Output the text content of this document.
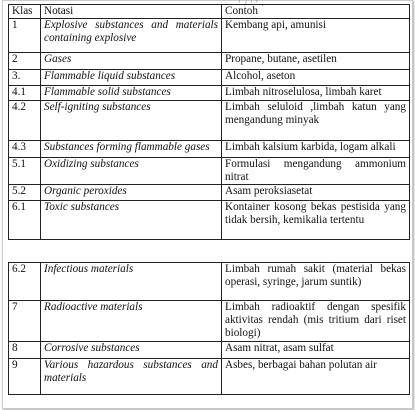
' / ' ' .
Klas	Notasi	Contoh
1	Explosive substances and materials containing explosive	Kembang api, amunisi
2	Gases	Propane, butane, asetilen
3.	Flammable liquid substances	Alcohol, aseton
4.1	Flammable solid substances	Limbah nitroselulosa, limbah karet
4.2	Self-igniting substances	Limbah seluloid ,limbah katun yang mengandung minyak
4.3	Substances forming flammable gases	Limbah kalsium karbida, logam alkali
5.1	Oxidizing substances	Formulasi mengandung ammonium nitrat
5.2	Organic peroxides	Asam peroksiasetat
6.1	Toxic substances	Kontainer kosong bekas pestisida yang tidak bersih, kemikalia tertentu
6.2	Infectious materials	Limbah rumah sakit (material bekas operasi, syringe, jarum suntik)
7	Radioactive materials	Limbah radioaktif dengan spesifik aktivitas rendah (mis tritium dari riset biologi)
8	Corrosive substances	Asam nitrat, asam sulfat
9	Various hazardous substances and materials	Asbes, berbagai bahan polutan air
